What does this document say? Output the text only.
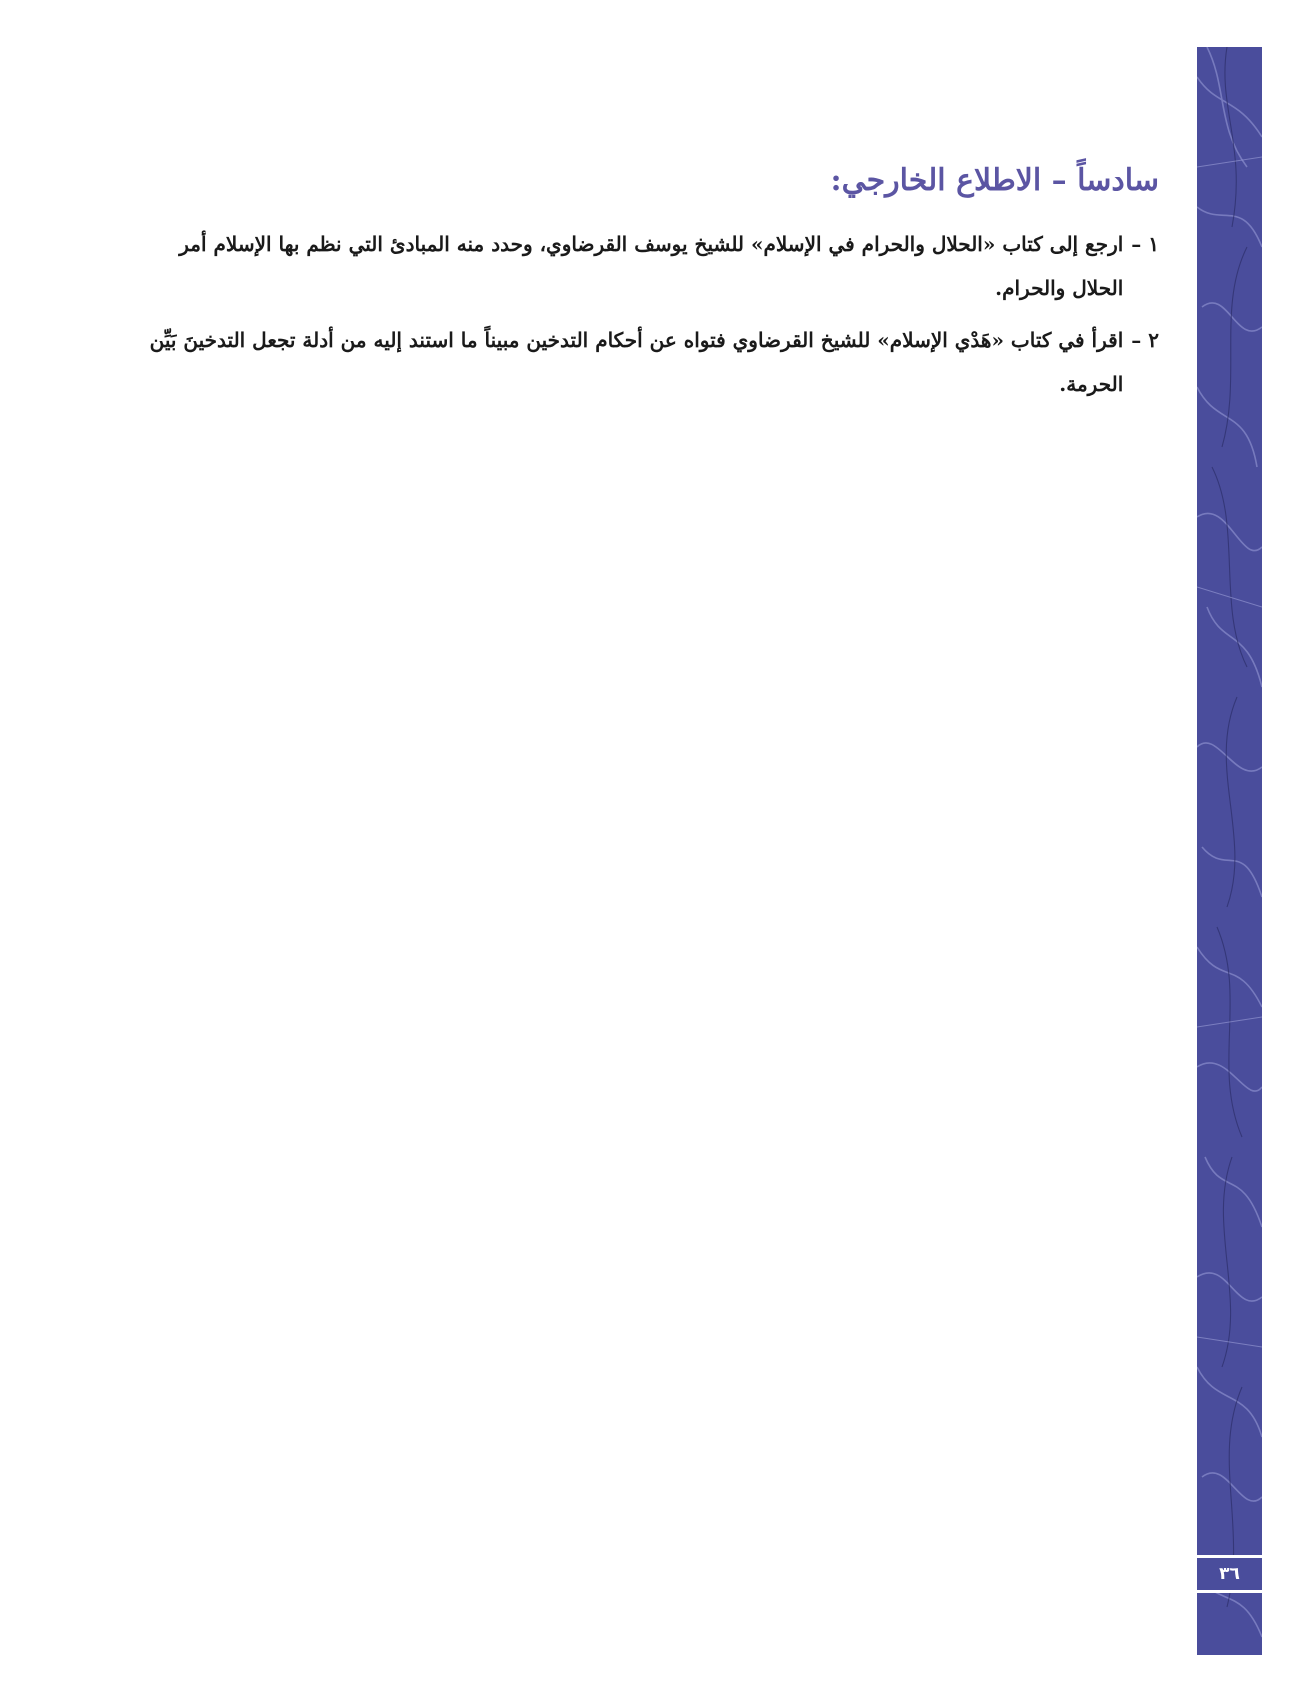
٣٦
سادساً – الاطلاع الخارجي:
١ –
ارجع إلى كتاب «الحلال والحرام في الإسلام» للشيخ يوسف القرضاوي، وحدد منه المبادئ التي نظم بها الإسلام أمر الحلال والحرام.
٢ –
اقرأ في كتاب «هَدْي الإسلام» للشيخ القرضاوي فتواه عن أحكام التدخين مبيناً ما استند إليه من أدلة تجعل التدخينَ بَيِّن الحرمة.
